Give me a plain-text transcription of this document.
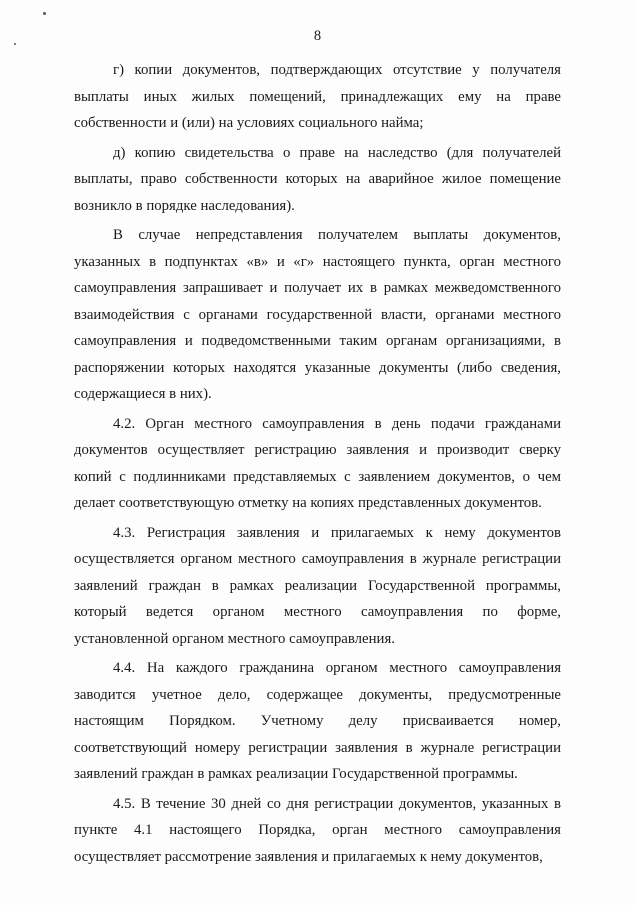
8

г) копии документов, подтверждающих отсутствие у получателя выплаты иных жилых помещений, принадлежащих ему на праве собственности и (или) на условиях социального найма;

д) копию свидетельства о праве на наследство (для получателей выплаты, право собственности которых на аварийное жилое помещение возникло в порядке наследования).

В случае непредставления получателем выплаты документов, указанных в подпунктах «в» и «г» настоящего пункта, орган местного самоуправления запрашивает и получает их в рамках межведомственного взаимодействия с органами государственной власти, органами местного самоуправления и подведомственными таким органам организациями, в распоряжении которых находятся указанные документы (либо сведения, содержащиеся в них).

4.2. Орган местного самоуправления в день подачи гражданами документов осуществляет регистрацию заявления и производит сверку копий с подлинниками представляемых с заявлением документов, о чем делает соответствующую отметку на копиях представленных документов.

4.3. Регистрация заявления и прилагаемых к нему документов осуществляется органом местного самоуправления в журнале регистрации заявлений граждан в рамках реализации Государственной программы, который ведется органом местного самоуправления по форме, установленной органом местного самоуправления.

4.4. На каждого гражданина органом местного самоуправления заводится учетное дело, содержащее документы, предусмотренные настоящим Порядком. Учетному делу присваивается номер, соответствующий номеру регистрации заявления в журнале регистрации заявлений граждан в рамках реализации Государственной программы.

4.5. В течение 30 дней со дня регистрации документов, указанных в пункте 4.1 настоящего Порядка, орган местного самоуправления осуществляет рассмотрение заявления и прилагаемых к нему документов,
